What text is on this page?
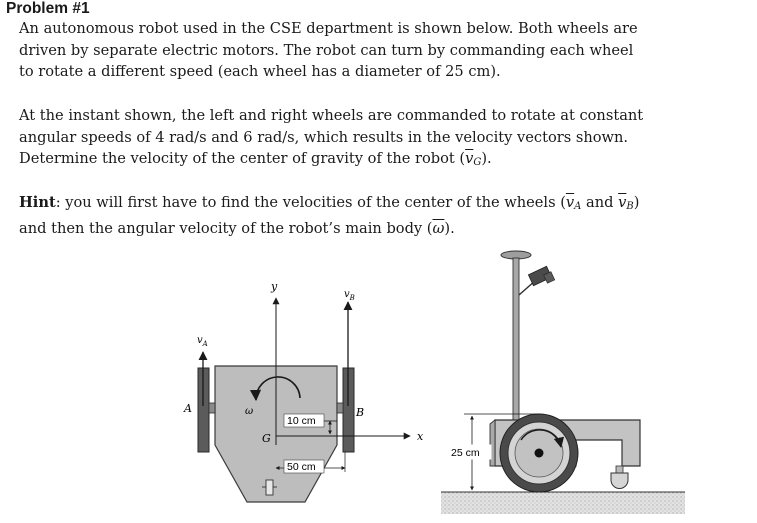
Problem #1
An autonomous robot used in the CSE department is shown below. Both wheels are
driven by separate electric motors. The robot can turn by commanding each wheel
to rotate a different speed (each wheel has a diameter of 25 cm).
At the instant shown, the left and right wheels are commanded to rotate at constant
angular speeds of 4 rad/s and 6 rad/s, which results in the velocity vectors shown.
Determine the velocity of the center of gravity of the robot $(\overline{v}_G)$.
Hint: you will first have to find the velocities of the center of the wheels ($\overline{v}_A$ and $\overline{v}_B$)
and then the angular velocity of the robot’s main body $(\overline{\omega})$.
y
x
$v_A$
$v_B$
A	B
ω
G
10 cm
50 cm
25 cm
